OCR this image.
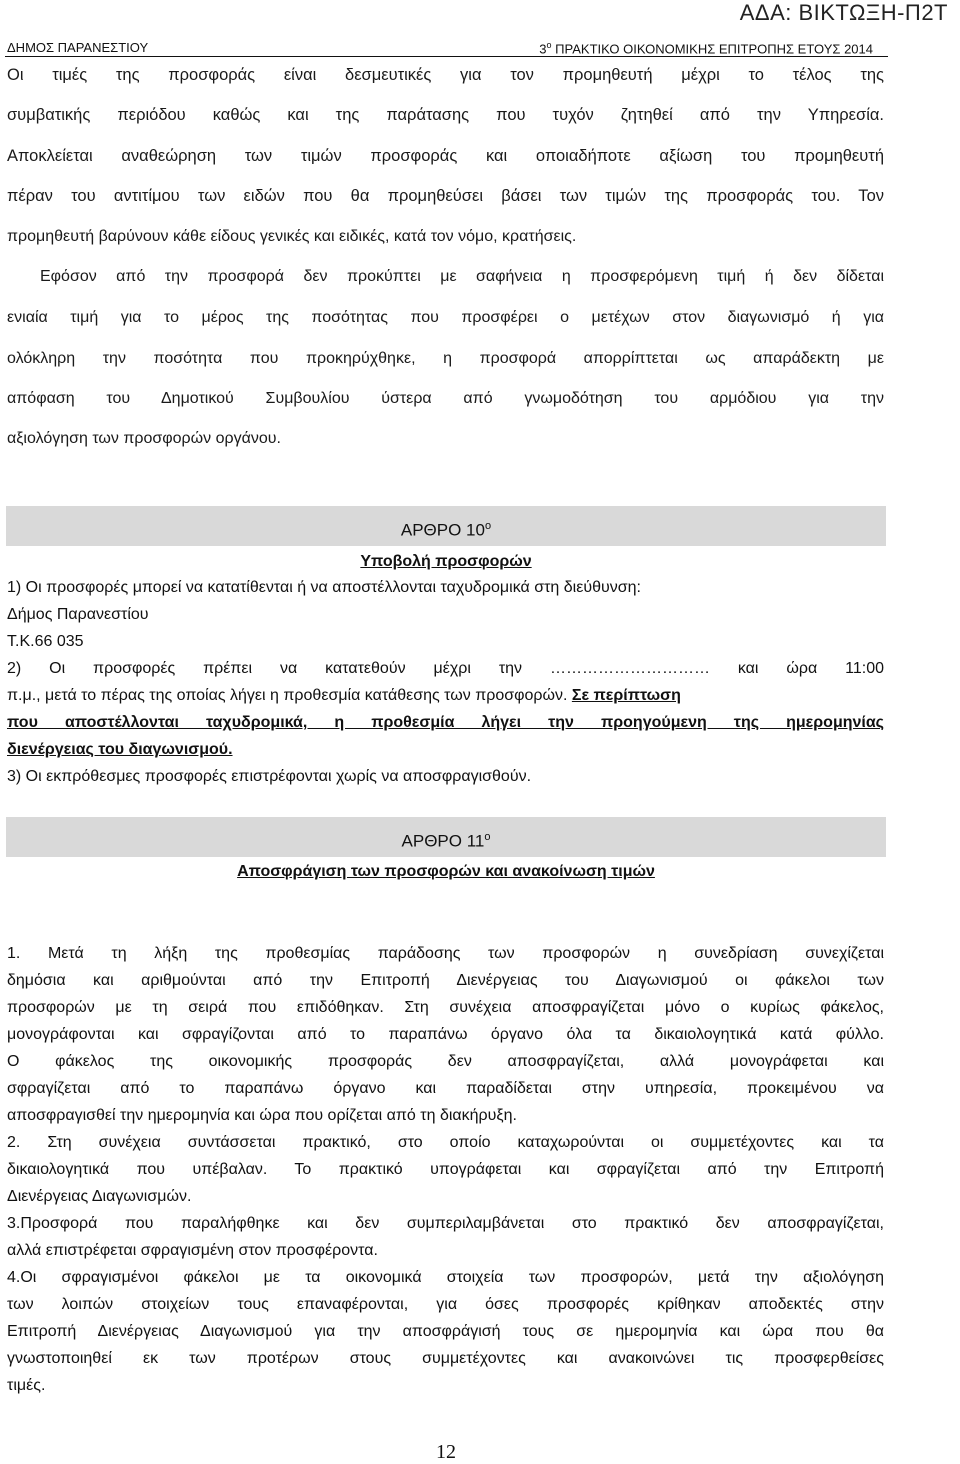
ΑΔΑ: ΒΙΚΤΩΞΗ-Π2Τ
ΔΗΜΟΣ ΠΑΡΑΝΕΣΤΙΟΥ	$3^o$ ΠΡΑΚΤΙΚΟ ΟΙΚΟΝΟΜΙΚΗΣ ΕΠΙΤΡΟΠΗΣ ΕΤΟΥΣ 2014
Οι τιμές της προσφοράς είναι δεσμευτικές για τον προμηθευτή μέχρι το τέλος της
συμβατικής περιόδου καθώς και της παράτασης που τυχόν ζητηθεί από την Υπηρεσία.
Αποκλείεται αναθεώρηση των τιμών προσφοράς και οποιαδήποτε αξίωση του προμηθευτή
πέραν του αντιτίμου των ειδών που θα προμηθεύσει βάσει των τιμών της προσφοράς του. Τον
προμηθευτή βαρύνουν κάθε είδους γενικές και ειδικές, κατά τον νόμο, κρατήσεις.
Εφόσον από την προσφορά δεν προκύπτει με σαφήνεια η προσφερόμενη τιμή ή δεν δίδεται
ενιαία τιμή για το μέρος της ποσότητας που προσφέρει ο μετέχων στον διαγωνισμό ή για
ολόκληρη την ποσότητα που προκηρύχθηκε, η προσφορά απορρίπτεται ως απαράδεκτη με
απόφαση του Δημοτικού Συμβουλίου ύστερα από γνωμοδότηση του αρμόδιου για την
αξιολόγηση των προσφορών οργάνου.
ΑΡΘΡΟ $10^o$
Υποβολή προσφορών
1) Οι προσφορές μπορεί να κατατίθενται ή να αποστέλλονται ταχυδρομικά στη διεύθυνση:
Δήμος Παρανεστίου
Τ.Κ.66 035
2) Οι προσφορές πρέπει να κατατεθούν μέχρι την ………………………… και ώρα 11:00
π.μ., μετά το πέρας της οποίας λήγει η προθεσμία κατάθεσης των προσφορών. Σε περίπτωση
που αποστέλλονται ταχυδρομικά, η προθεσμία λήγει την προηγούμενη της ημερομηνίας
διενέργειας του διαγωνισμού.
3) Οι εκπρόθεσμες προσφορές επιστρέφονται χωρίς να αποσφραγισθούν.
ΑΡΘΡΟ $11^o$
Αποσφράγιση των προσφορών και ανακοίνωση τιμών
1. Μετά τη λήξη της προθεσμίας παράδοσης των προσφορών η συνεδρίαση συνεχίζεται
δημόσια και αριθμούνται από την Επιτροπή Διενέργειας του Διαγωνισμού οι φάκελοι των
προσφορών με τη σειρά που επιδόθηκαν. Στη συνέχεια αποσφραγίζεται μόνο ο κυρίως φάκελος,
μονογράφονται και σφραγίζονται από το παραπάνω όργανο όλα τα δικαιολογητικά κατά φύλλο.
Ο φάκελος της οικονομικής προσφοράς δεν αποσφραγίζεται, αλλά μονογράφεται και
σφραγίζεται από το παραπάνω όργανο και παραδίδεται στην υπηρεσία, προκειμένου να
αποσφραγισθεί την ημερομηνία και ώρα που ορίζεται από τη διακήρυξη.
2. Στη συνέχεια συντάσσεται πρακτικό, στο οποίο καταχωρούνται οι συμμετέχοντες και τα
δικαιολογητικά που υπέβαλαν. Το πρακτικό υπογράφεται και σφραγίζεται από την Επιτροπή
Διενέργειας Διαγωνισμών.
3.Προσφορά που παραλήφθηκε και δεν συμπεριλαμβάνεται στο πρακτικό δεν αποσφραγίζεται,
αλλά επιστρέφεται σφραγισμένη στον προσφέροντα.
4.Οι σφραγισμένοι φάκελοι με τα οικονομικά στοιχεία των προσφορών, μετά την αξιολόγηση
των λοιπών στοιχείων τους επαναφέρονται, για όσες προσφορές κρίθηκαν αποδεκτές στην
Επιτροπή Διενέργειας Διαγωνισμού για την αποσφράγισή τους σε ημερομηνία και ώρα που θα
γνωστοποιηθεί εκ των προτέρων στους συμμετέχοντες και ανακοινώνει τις προσφερθείσες
τιμές.
12
